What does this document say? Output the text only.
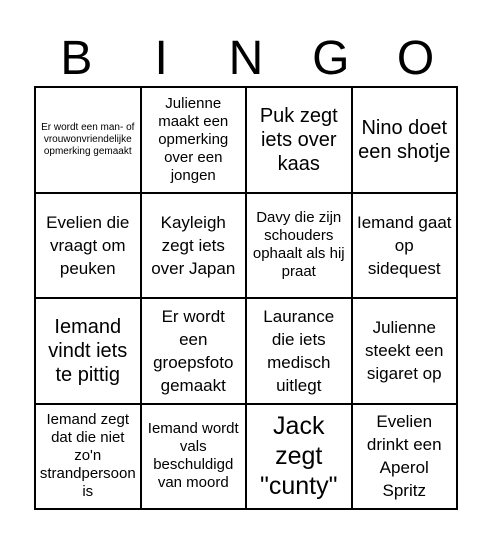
B	I	N	G O
Er wordt een man- of vrouwonvriendelijke opmerking gemaakt
Julienne maakt een opmerking over een jongen
Puk zegt iets over kaas
Nino doet een shotje
Evelien die vraagt om peuken
Kayleigh zegt iets over Japan
Davy die zijn schouders ophaalt als hij praat
Iemand gaat op sidequest
Iemand vindt iets te pittig
Er wordt een groepsfoto gemaakt
Laurance die iets medisch uitlegt
Julienne steekt een sigaret op
Iemand zegt dat die niet zo'n strandpersoon is
Iemand wordt vals beschuldigd van moord
Jack zegt "cunty"
Evelien drinkt een Aperol Spritz
